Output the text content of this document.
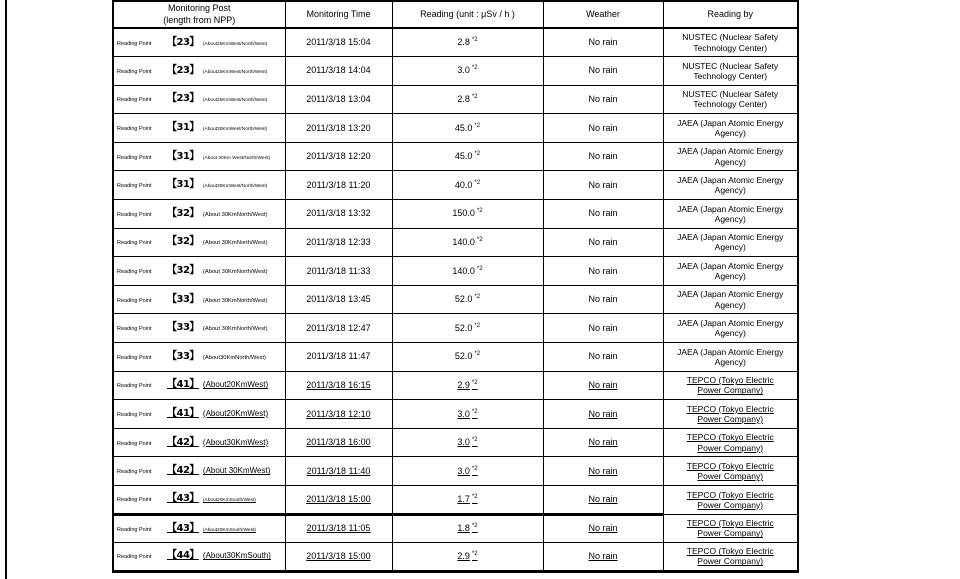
Monitoring Post
(length from NPP)	Monitoring Time	Reading (unit : μSv / h )	Weather	Reading by
Reading Point 【23】 (About25KmWest/North/West)	2011/3/18 15:04	2.8 $^{*2}$	No rain	NUSTEC (Nuclear Safety
Technology Center)

Reading Point 【23】 (About25KmWest/North/West)	2011/3/18 14:04	3.0 $^{*2}$	No rain	NUSTEC (Nuclear Safety
Technology Center)

Reading Point 【23】 (About25KmWest/North/West)	2011/3/18 13:04	2.8 $^{*2}$	No rain	NUSTEC (Nuclear Safety
Technology Center)

Reading Point 【31】 (About30KmWest/North/West)	2011/3/18 13:20	45.0 $^{*2}$	No rain	JAEA (Japan Atomic Energy
Agency)

Reading Point 【31】 (About 30Km West/North/West)	2011/3/18 12:20	45.0 $^{*2}$	No rain	JAEA (Japan Atomic Energy
Agency)

Reading Point 【31】 (About30KmWest/North/West)	2011/3/18 11:20	40.0 $^{*2}$	No rain	JAEA (Japan Atomic Energy
Agency)

Reading Point 【32】 (About 30KmNorth/West)	2011/3/18 13:32	150.0 $^{*2}$	No rain	JAEA (Japan Atomic Energy
Agency)

Reading Point 【32】 (About 30KmNorth/West)	2011/3/18 12:33	140.0 $^{*2}$	No rain	JAEA (Japan Atomic Energy
Agency)

Reading Point 【32】 (About 30KmNorth/West)	2011/3/18 11:33	140.0 $^{*2}$	No rain	JAEA (Japan Atomic Energy
Agency)

Reading Point 【33】 (About 30KmNorth/West)	2011/3/18 13:45	52.0 $^{*2}$	No rain	JAEA (Japan Atomic Energy
Agency)

Reading Point 【33】 (About 30KmNorth/West)	2011/3/18 12:47	52.0 $^{*2}$	No rain	JAEA (Japan Atomic Energy
Agency)

Reading Point 【33】 (About30KmNorth/West)	2011/3/18 11:47	52.0 $^{*2}$	No rain	JAEA (Japan Atomic Energy
Agency)

Reading Point 【41】 (About20KmWest)	2011/3/18 16:15	2.9 $^{*2}$	No rain	TEPCO (Tokyo Electric
Power Company)

Reading Point 【41】 (About20KmWest)	2011/3/18 12:10	3.0 $^{*2}$	No rain	TEPCO (Tokyo Electric
Power Company)

Reading Point 【42】 (About30KmWest)	2011/3/18 16:00	3.0 $^{*2}$	No rain	TEPCO (Tokyo Electric
Power Company)

Reading Point 【42】 (About 30KmWest)	2011/3/18 11:40	3.0 $^{*2}$	No rain	TEPCO (Tokyo Electric
Power Company)

Reading Point 【43】 (About20KmSouth/West)	2011/3/18 15:00	1.7 $^{*2}$	No rain	TEPCO (Tokyo Electric
Power Company)

Reading Point 【43】 (About20KmSouth/West)	2011/3/18 11:05	1.8 $^{*2}$	No rain	TEPCO (Tokyo Electric
Power Company)

Reading Point 【44】 (About30KmSouth)	2011/3/18 15:00	2.9 $^{*2}$	No rain	TEPCO (Tokyo Electric
Power Company)
